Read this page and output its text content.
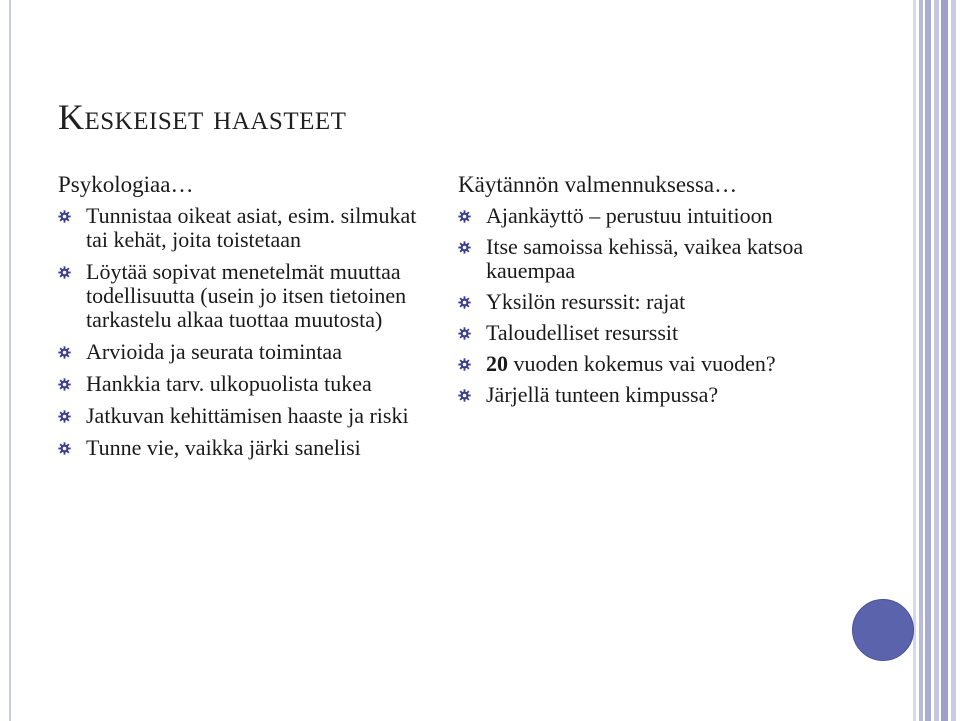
Keskeiset haasteet
Psykologiaa…
Tunnistaa oikeat asiat, esim. silmukat tai kehät, joita toistetaan
Löytää sopivat menetelmät muuttaa todellisuutta (usein jo itsen tietoinen tarkastelu alkaa tuottaa muutosta)
Arvioida ja seurata toimintaa
Hankkia tarv. ulkopuolista tukea
Jatkuvan kehittämisen haaste ja riski
Tunne vie, vaikka järki sanelisi
Käytännön valmennuksessa…
Ajankäyttö – perustuu intuitioon
Itse samoissa kehissä, vaikea katsoa kauempaa
Yksilön resurssit: rajat
Taloudelliset resurssit
20 vuoden kokemus vai vuoden?
Järjellä tunteen kimpussa?
